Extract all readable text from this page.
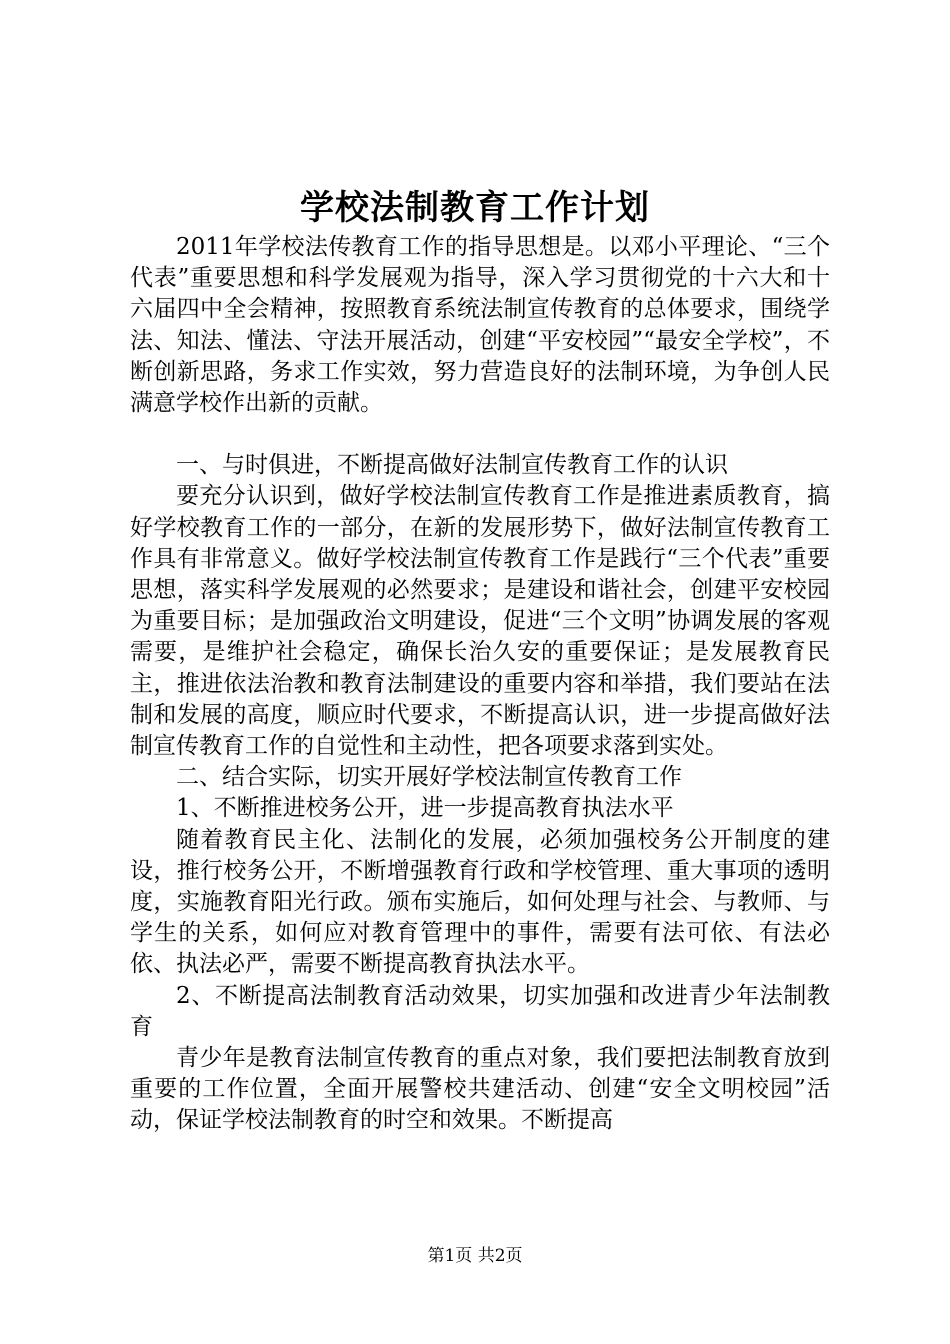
学校法制教育工作计划

2011年学校法传教育工作的指导思想是。以邓小平理论、“三个代表”重要思想和科学发展观为指导，深入学习贯彻党的十六大和十六届四中全会精神，按照教育系统法制宣传教育的总体要求，围绕学法、知法、懂法、守法开展活动，创建“平安校园”“最安全学校”，不断创新思路，务求工作实效，努力营造良好的法制环境，为争创人民满意学校作出新的贡献。

一、与时俱进，不断提高做好法制宣传教育工作的认识

要充分认识到，做好学校法制宣传教育工作是推进素质教育，搞好学校教育工作的一部分，在新的发展形势下，做好法制宣传教育工作具有非常意义。做好学校法制宣传教育工作是践行“三个代表”重要思想，落实科学发展观的必然要求；是建设和谐社会，创建平安校园为重要目标；是加强政治文明建设，促进“三个文明”协调发展的客观需要，是维护社会稳定，确保长治久安的重要保证；是发展教育民主，推进依法治教和教育法制建设的重要内容和举措，我们要站在法制和发展的高度，顺应时代要求，不断提高认识，进一步提高做好法制宣传教育工作的自觉性和主动性，把各项要求落到实处。

二、结合实际，切实开展好学校法制宣传教育工作

1、不断推进校务公开，进一步提高教育执法水平

随着教育民主化、法制化的发展，必须加强校务公开制度的建设，推行校务公开，不断增强教育行政和学校管理、重大事项的透明度，实施教育阳光行政。颁布实施后，如何处理与社会、与教师、与学生的关系，如何应对教育管理中的事件，需要有法可依、有法必依、执法必严，需要不断提高教育执法水平。

2、不断提高法制教育活动效果，切实加强和改进青少年法制教育

青少年是教育法制宣传教育的重点对象，我们要把法制教育放到重要的工作位置，全面开展警校共建活动、创建“安全文明校园”活动，保证学校法制教育的时空和效果。不断提高

第1页 共2页
